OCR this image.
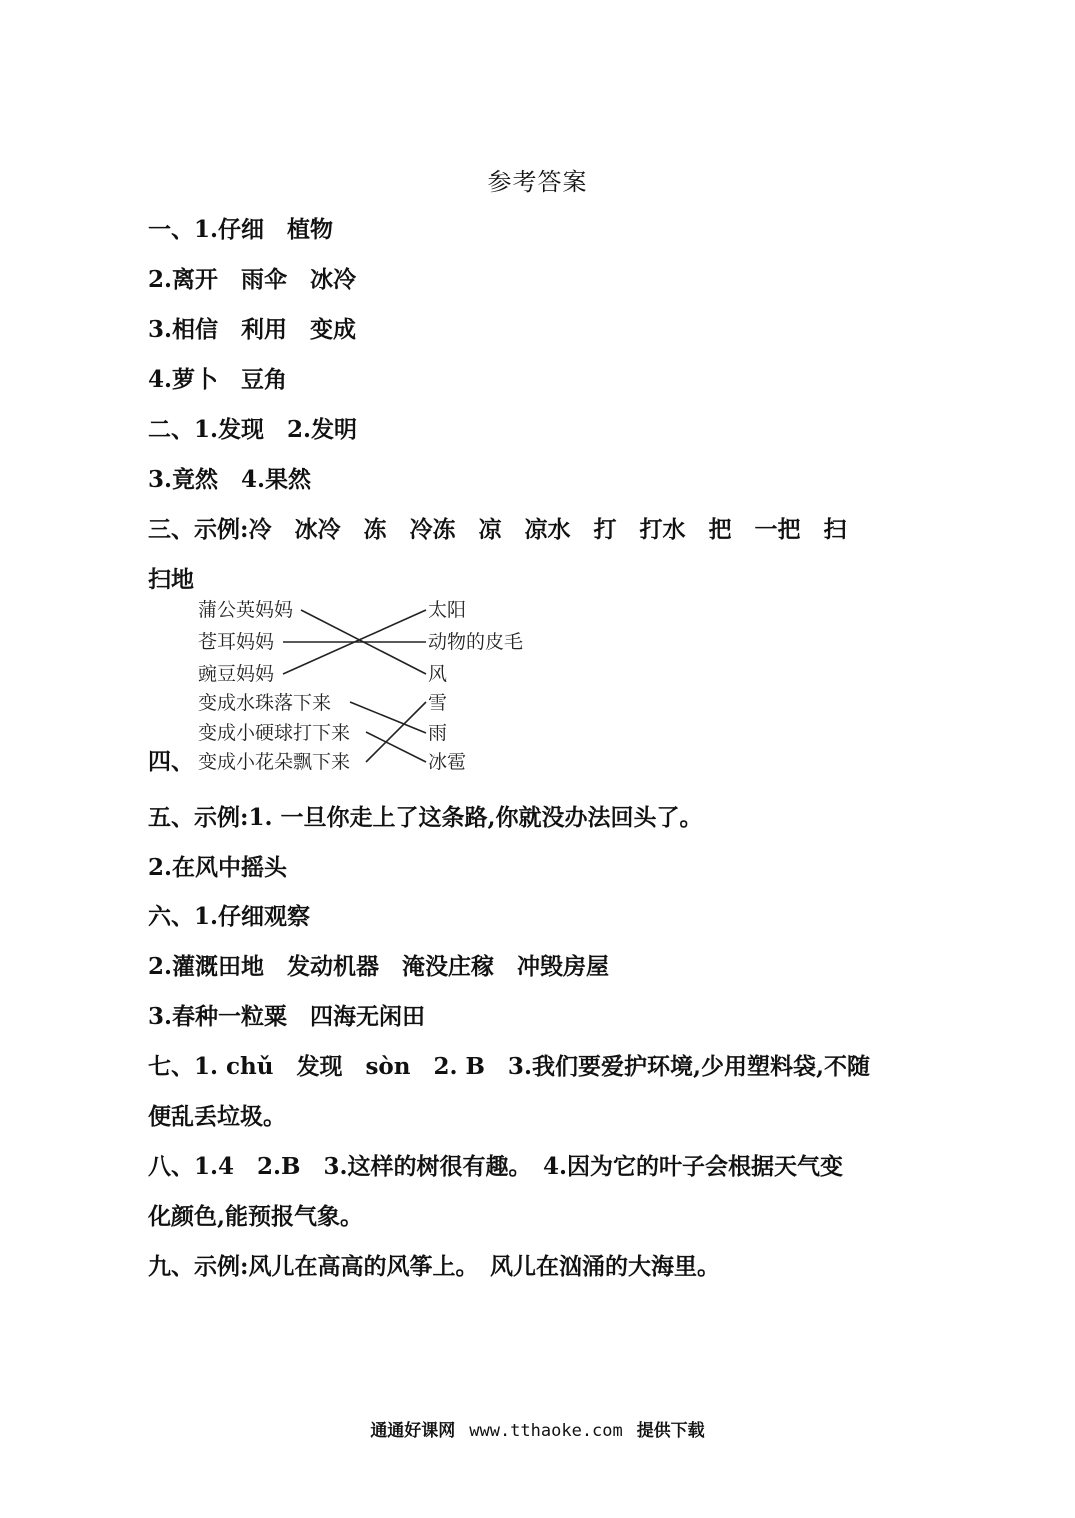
参考答案
一、1.仔细　植物
2.离开　雨伞　冰冷
3.相信　利用　变成
4.萝卜　豆角
二、1.发现　2.发明
3.竟然　4.果然
三、示例:冷　冰冷　冻　冷冻　凉　凉水　打　打水　把　一把　扫
扫地
四、
蒲公英妈妈
苍耳妈妈
豌豆妈妈
变成水珠落下来
变成小硬球打下来
变成小花朵飘下来
太阳
动物的皮毛
风
雪
雨
冰雹
五、示例:1. 一旦你走上了这条路,你就没办法回头了。
2.在风中摇头
六、1.仔细观察
2.灌溉田地　发动机器　淹没庄稼　冲毁房屋
3.春种一粒粟　四海无闲田
七、1. chǔ　发现　sòn　2. B　3.我们要爱护环境,少用塑料袋,不随
便乱丢垃圾。
八、1.4　2.B　3.这样的树很有趣。　4.因为它的叶子会根据天气变
化颜色,能预报气象。
九、示例:风儿在高高的风筝上。　风儿在汹涌的大海里。
通通好课网 www.tthaoke.com 提供下载
